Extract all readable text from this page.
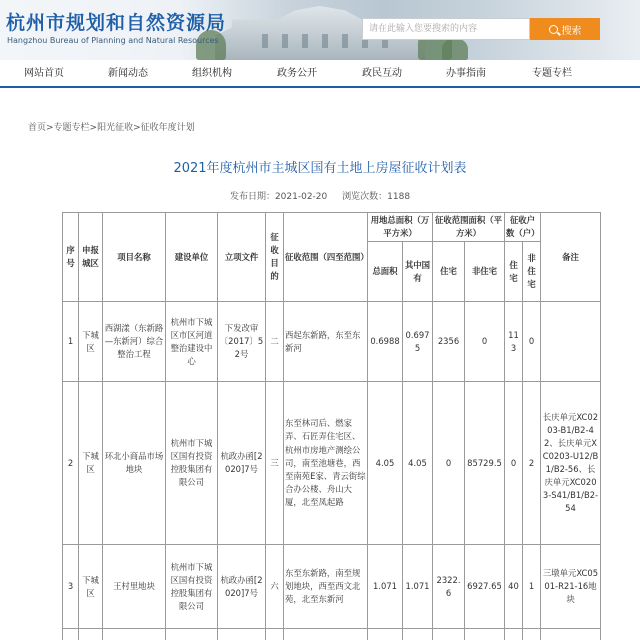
杭州市规划和自然资源局
Hangzhou Bureau of Planning and Natural Resources
请在此输入您要搜索的内容
搜索
网站首页	新闻动态	组织机构	政务公开	政民互动	办事指南	专题专栏
首页>专题专栏>阳光征收>征收年度计划
2021年度杭州市主城区国有土地上房屋征收计划表
发布日期：2021-02-20 浏览次数：1188
序号	申报城区	项目名称	建设单位	立项文件	征收目的	征收范围（四至范围）	用地总面积（万平方米）		征收范围面积（平方米）		征收户数（户）		备注
							总面积	其中国有	住宅	非住宅	住宅	非住宅	
1	下城区	西湖漾（东新路—东新河）综合整治工程	杭州市下城区市区河道整治建设中心	下发改审〔2017〕52号	二	西起东新路，东至东新河	0.6988	0.6975	2356	0	113	0	
2	下城区	环北小商品市场地块	杭州市下城区国有投资控股集团有限公司	杭政办函[2020]7号	三	东至林司后、燃家弄、石匠弄住宅区、杭州市房地产测绘公司，南至池塘巷，西至南苑E家、青云街综合办公楼、舟山大厦，北至凤起路	4.05	4.05	0	85729.5	0	2	长庆单元XC0203-B1/B2-42、长庆单元XC0203-U12/B1/B2-56、长庆单元XC0203-S41/B1/B2-54
3	下城区	王村里地块	杭州市下城区国有投资控股集团有限公司	杭政办函[2020]7号	六	东至东新路，南至规划地块，西至西文北苑，北至东新河	1.071	1.071	2322.6	6927.65	40	1	三墩单元XC0501-R21-16地块
